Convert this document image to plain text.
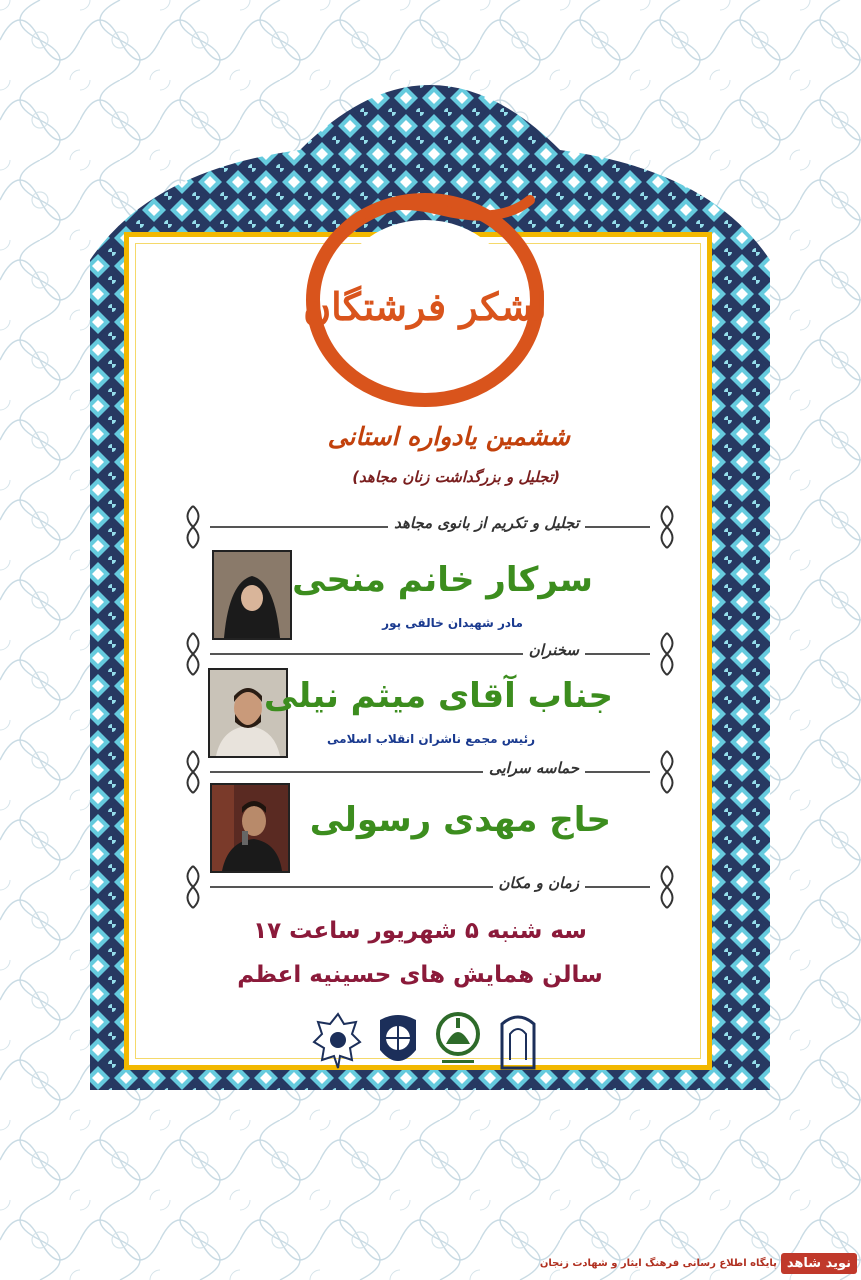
لشکر فرشتگان
ششمین یادواره استانی
(تجلیل و بزرگداشت زنان مجاهد)
تجلیل و تکریم از بانوی مجاهد
سرکار خانم منحی
مادر شهیدان خالقی پور
سخنران
جناب آقای میثم نیلی
رئیس مجمع ناشران انقلاب اسلامی
حماسه سرایی
حاج مهدی رسولی
زمان و مکان
سه شنبه ۵ شهریور ساعت ۱۷
سالن همایش های حسینیه اعظم
نوید شاهد
پایگاه اطلاع رسانی فرهنگ ایثار و شهادت زنجان
